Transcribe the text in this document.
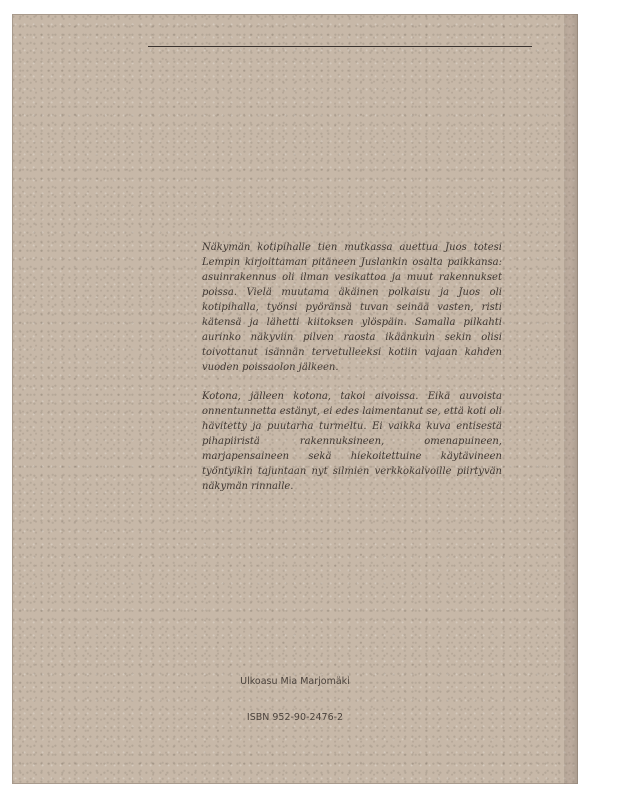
Näkymän kotipihalle tien mutkassa auettua Juos totesi Lempin kirjoittaman pitäneen Juslankin osalta paikkansa: asuinrakennus oli ilman vesikattoa ja muut rakennukset poissa. Vielä muutama äkäinen polkaisu ja Juos oli kotipihalla, työnsi pyöränsä tuvan seinää vasten, risti kätensä ja lähetti kiitoksen ylöspäin. Samalla pilkahti aurinko näkyviin pilven raosta ikäänkuin sekin olisi toivottanut isännän tervetulleeksi kotiin vajaan kahden vuoden poissaolon jälkeen.

Kotona, jälleen kotona, takoi aivoissa. Eikä auvoista onnentunnetta estänyt, ei edes laimentanut se, että koti oli hävitetty ja puutarha turmeltu. Ei vaikka kuva entisestä pihapiiristä rakennuksineen, omenapuineen, marjapensaineen sekä hiekoitettuine käytävineen työntyikin tajuntaan nyt silmien verkkokalvoille piirtyvän näkymän rinnalle.

Ulkoasu Mia Marjomäki
ISBN 952-90-2476-2
